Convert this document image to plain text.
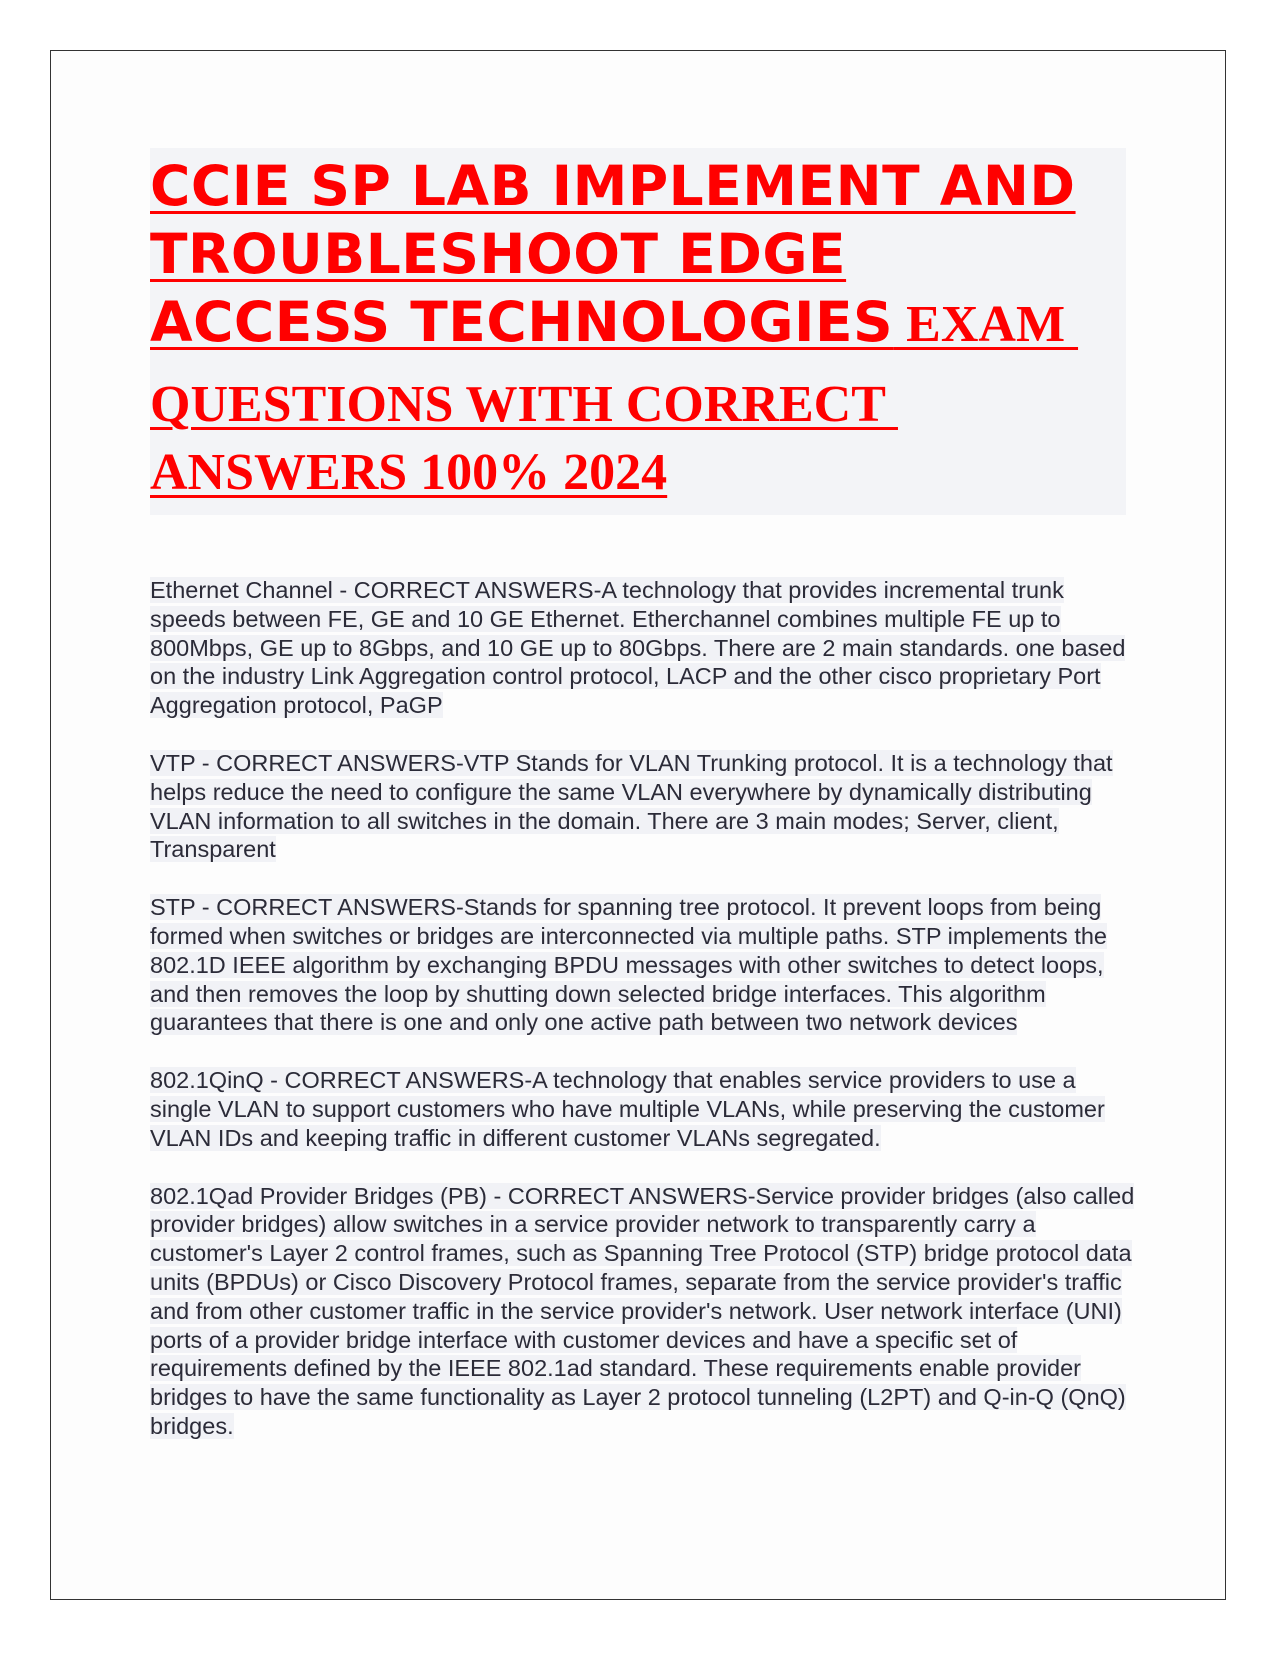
CCIE SP LAB IMPLEMENT AND
TROUBLESHOOT EDGE
ACCESS TECHNOLOGIES EXAM
QUESTIONS WITH CORRECT
ANSWERS 100% 2024

Ethernet Channel - CORRECT ANSWERS-A technology that provides incremental trunk speeds between FE, GE and 10 GE Ethernet. Etherchannel combines multiple FE up to 800Mbps, GE up to 8Gbps, and 10 GE up to 80Gbps. There are 2 main standards. one based on the industry Link Aggregation control protocol, LACP and the other cisco proprietary Port Aggregation protocol, PaGP

VTP - CORRECT ANSWERS-VTP Stands for VLAN Trunking protocol. It is a technology that helps reduce the need to configure the same VLAN everywhere by dynamically distributing VLAN information to all switches in the domain. There are 3 main modes; Server, client, Transparent

STP - CORRECT ANSWERS-Stands for spanning tree protocol. It prevent loops from being formed when switches or bridges are interconnected via multiple paths. STP implements the 802.1D IEEE algorithm by exchanging BPDU messages with other switches to detect loops, and then removes the loop by shutting down selected bridge interfaces. This algorithm guarantees that there is one and only one active path between two network devices

802.1QinQ - CORRECT ANSWERS-A technology that enables service providers to use a single VLAN to support customers who have multiple VLANs, while preserving the customer VLAN IDs and keeping traffic in different customer VLANs segregated.

802.1Qad Provider Bridges (PB) - CORRECT ANSWERS-Service provider bridges (also called provider bridges) allow switches in a service provider network to transparently carry a customer's Layer 2 control frames, such as Spanning Tree Protocol (STP) bridge protocol data units (BPDUs) or Cisco Discovery Protocol frames, separate from the service provider's traffic and from other customer traffic in the service provider's network. User network interface (UNI) ports of a provider bridge interface with customer devices and have a specific set of requirements defined by the IEEE 802.1ad standard. These requirements enable provider bridges to have the same functionality as Layer 2 protocol tunneling (L2PT) and Q-in-Q (QnQ) bridges.
